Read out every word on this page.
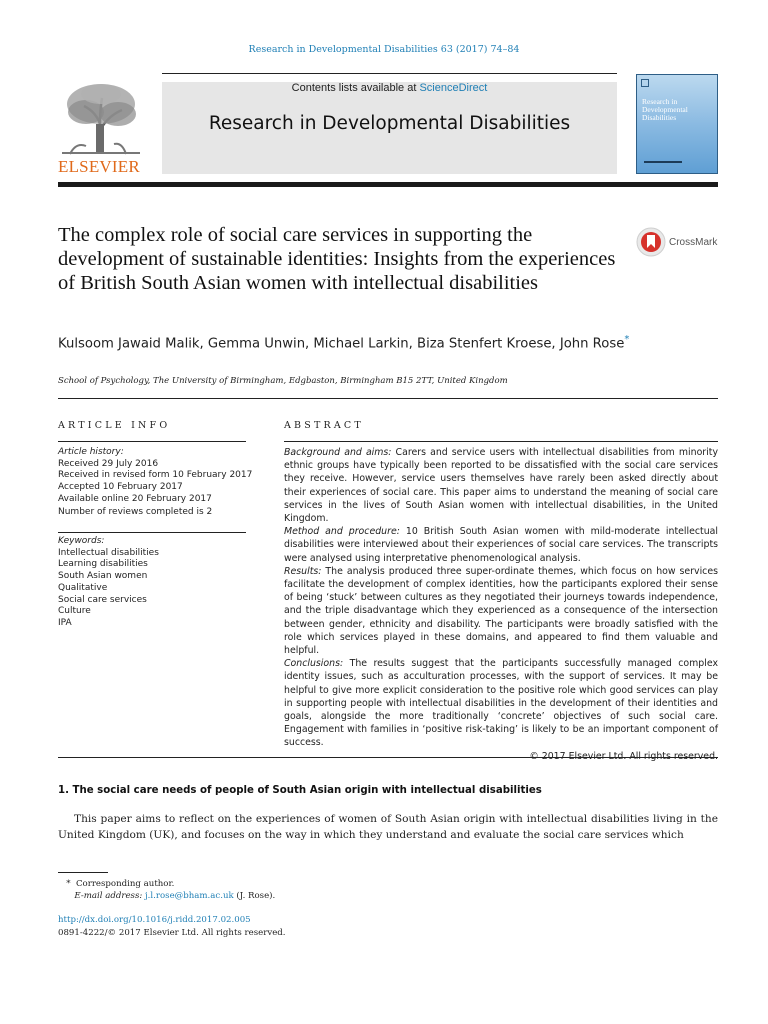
Research in Developmental Disabilities 63 (2017) 74–84
ELSEVIER
Contents lists available at ScienceDirect
Research in Developmental Disabilities
Research in Developmental Disabilities
The complex role of social care services in supporting the development of sustainable identities: Insights from the experiences of British South Asian women with intellectual disabilities
CrossMark
Kulsoom Jawaid Malik, Gemma Unwin, Michael Larkin, Biza Stenfert Kroese, John Rose*
School of Psychology, The University of Birmingham, Edgbaston, Birmingham B15 2TT, United Kingdom
ARTICLE INFO	ABSTRACT
Article history:
Received 29 July 2016
Received in revised form 10 February 2017
Accepted 10 February 2017
Available online 20 February 2017
Number of reviews completed is 2
Keywords:
Intellectual disabilities
Learning disabilities
South Asian women
Qualitative
Social care services
Culture
IPA
Background and aims: Carers and service users with intellectual disabilities from minority ethnic groups have typically been reported to be dissatisfied with the social care services they receive. However, service users themselves have rarely been asked directly about their experiences of social care. This paper aims to understand the meaning of social care services in the lives of South Asian women with intellectual disabilities, in the United Kingdom.
Method and procedure: 10 British South Asian women with mild-moderate intellectual disabilities were interviewed about their experiences of social care services. The transcripts were analysed using interpretative phenomenological analysis.
Results: The analysis produced three super-ordinate themes, which focus on how services facilitate the development of complex identities, how the participants explored their sense of being ‘stuck’ between cultures as they negotiated their journeys towards independence, and the triple disadvantage which they experienced as a consequence of the intersection between gender, ethnicity and disability. The participants were broadly satisfied with the role which services played in these domains, and appeared to find them valuable and helpful.
Conclusions: The results suggest that the participants successfully managed complex identity issues, such as acculturation processes, with the support of services. It may be helpful to give more explicit consideration to the positive role which good services can play in supporting people with intellectual disabilities in the development of their identities and goals, alongside the more traditionally ‘concrete’ objectives of such social care. Engagement with families in ‘positive risk-taking’ is likely to be an important component of success.
1. The social care needs of people of South Asian origin with intellectual disabilities

This paper aims to reflect on the experiences of women of South Asian origin with intellectual disabilities living in the United Kingdom (UK), and focuses on the way in which they understand and evaluate the social care services which

* Corresponding author.
E-mail address: j.l.rose@bham.ac.uk (J. Rose).
http://dx.doi.org/10.1016/j.ridd.2017.02.005
0891-4222/© 2017 Elsevier Ltd. All rights reserved.
